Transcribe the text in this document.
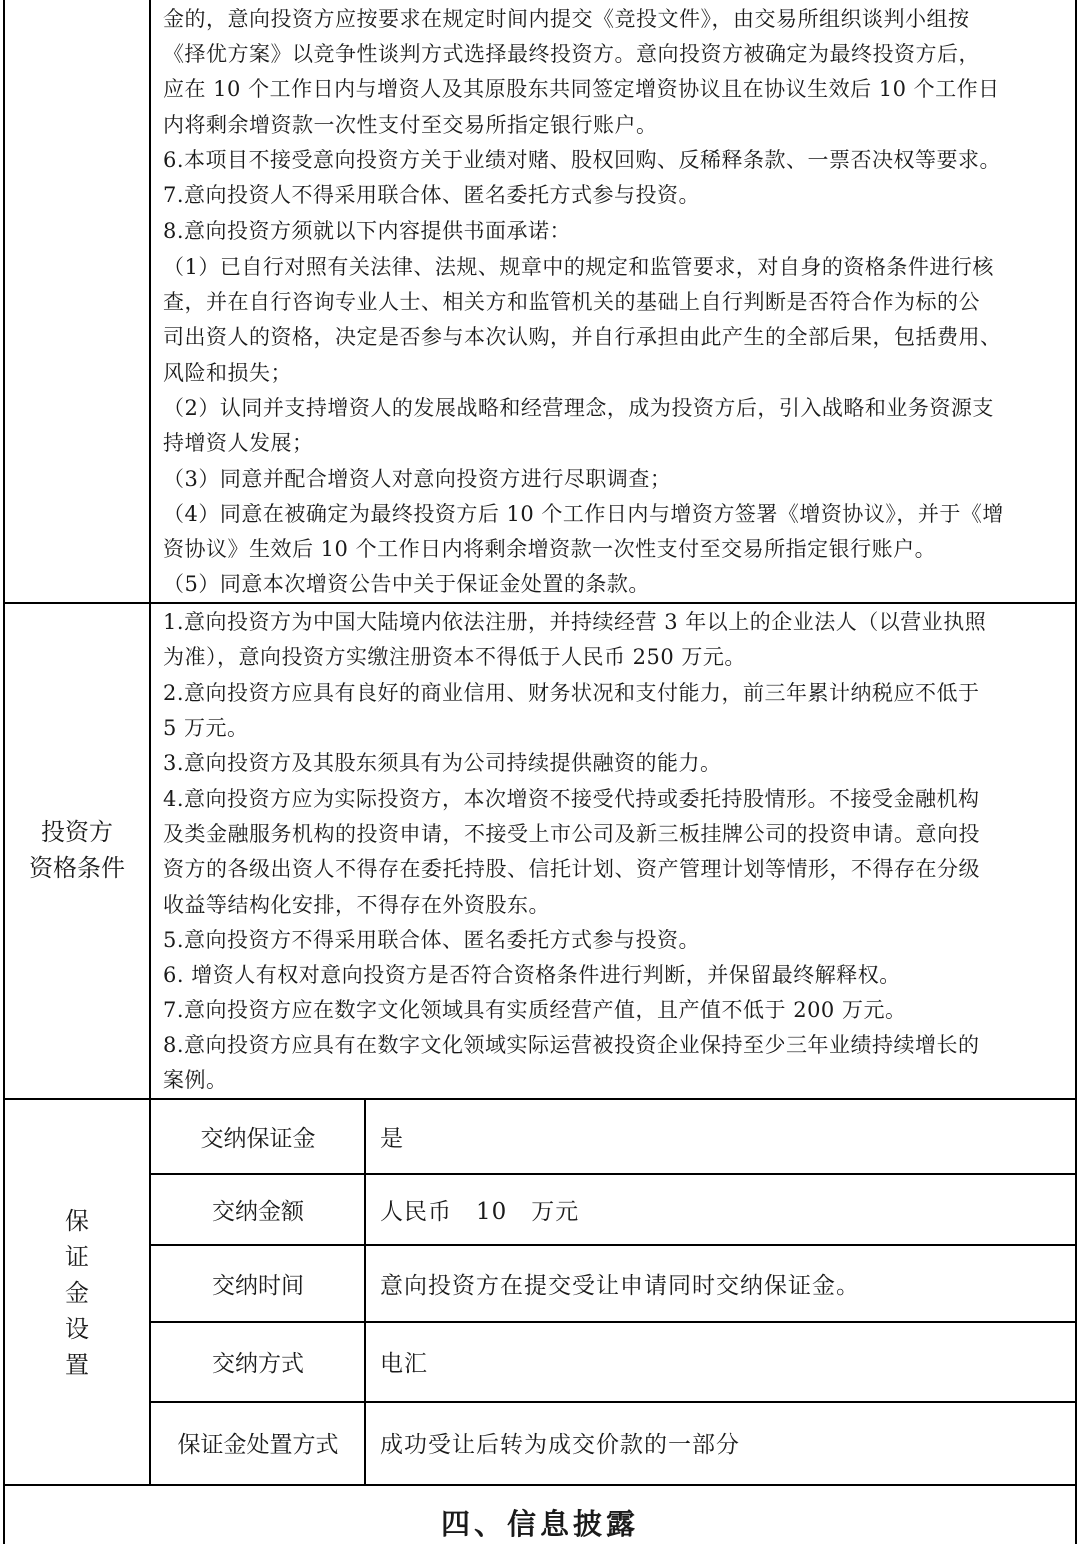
金的，意向投资方应按要求在规定时间内提交《竞投文件》，由交易所组织谈判小组按
《择优方案》以竞争性谈判方式选择最终投资方。意向投资方被确定为最终投资方后，
应在 10 个工作日内与增资人及其原股东共同签定增资协议且在协议生效后 10 个工作日
内将剩余增资款一次性支付至交易所指定银行账户。
6.本项目不接受意向投资方关于业绩对赌、股权回购、反稀释条款、一票否决权等要求。
7.意向投资人不得采用联合体、匿名委托方式参与投资。
8.意向投资方须就以下内容提供书面承诺：
（1）已自行对照有关法律、法规、规章中的规定和监管要求，对自身的资格条件进行核
查，并在自行咨询专业人士、相关方和监管机关的基础上自行判断是否符合作为标的公
司出资人的资格，决定是否参与本次认购，并自行承担由此产生的全部后果，包括费用、
风险和损失；
（2）认同并支持增资人的发展战略和经营理念，成为投资方后，引入战略和业务资源支
持增资人发展；
（3）同意并配合增资人对意向投资方进行尽职调查；
（4）同意在被确定为最终投资方后 10 个工作日内与增资方签署《增资协议》，并于《增
资协议》生效后 10 个工作日内将剩余增资款一次性支付至交易所指定银行账户。
（5）同意本次增资公告中关于保证金处置的条款。
投资方
资格条件
1.意向投资方为中国大陆境内依法注册，并持续经营 3 年以上的企业法人（以营业执照
为准），意向投资方实缴注册资本不得低于人民币 250 万元。
2.意向投资方应具有良好的商业信用、财务状况和支付能力，前三年累计纳税应不低于
5 万元。
3.意向投资方及其股东须具有为公司持续提供融资的能力。
4.意向投资方应为实际投资方，本次增资不接受代持或委托持股情形。不接受金融机构
及类金融服务机构的投资申请，不接受上市公司及新三板挂牌公司的投资申请。意向投
资方的各级出资人不得存在委托持股、信托计划、资产管理计划等情形，不得存在分级
收益等结构化安排，不得存在外资股东。
5.意向投资方不得采用联合体、匿名委托方式参与投资。
6. 增资人有权对意向投资方是否符合资格条件进行判断，并保留最终解释权。
7.意向投资方应在数字文化领域具有实质经营产值，且产值不低于 200 万元。
8.意向投资方应具有在数字文化领域实际运营被投资企业保持至少三年业绩持续增长的
案例。
保
证
金
设
置
交纳保证金	是
交纳金额	人民币　10　万元
交纳时间	意向投资方在提交受让申请同时交纳保证金。
交纳方式	电汇
保证金处置方式	成功受让后转为成交价款的一部分
四、信息披露
